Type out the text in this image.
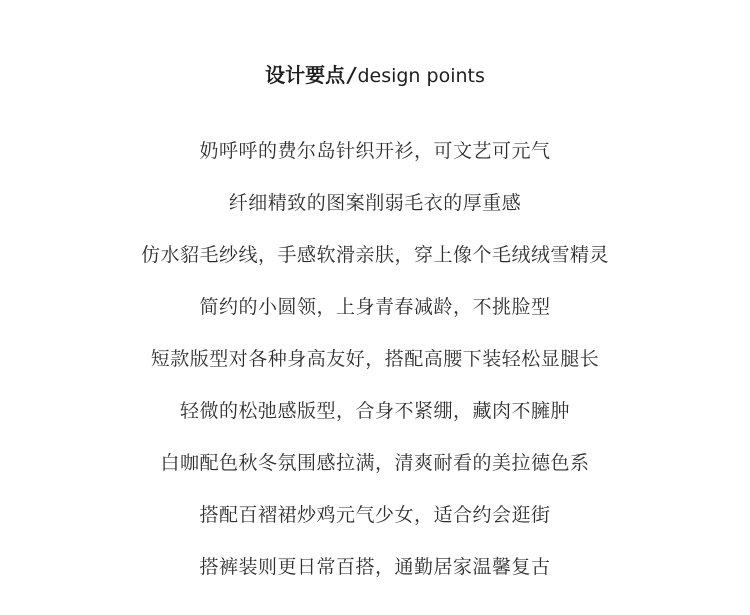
设计要点 / design points
奶呼呼的费尔岛针织开衫，可文艺可元气
纤细精致的图案削弱毛衣的厚重感
仿水貂毛纱线，手感软滑亲肤，穿上像个毛绒绒雪精灵
简约的小圆领，上身青春减龄，不挑脸型
短款版型对各种身高友好，搭配高腰下装轻松显腿长
轻微的松弛感版型，合身不紧绷，藏肉不臃肿
白咖配色秋冬氛围感拉满，清爽耐看的美拉德色系
搭配百褶裙炒鸡元气少女，适合约会逛街
搭裤装则更日常百搭，通勤居家温馨复古
